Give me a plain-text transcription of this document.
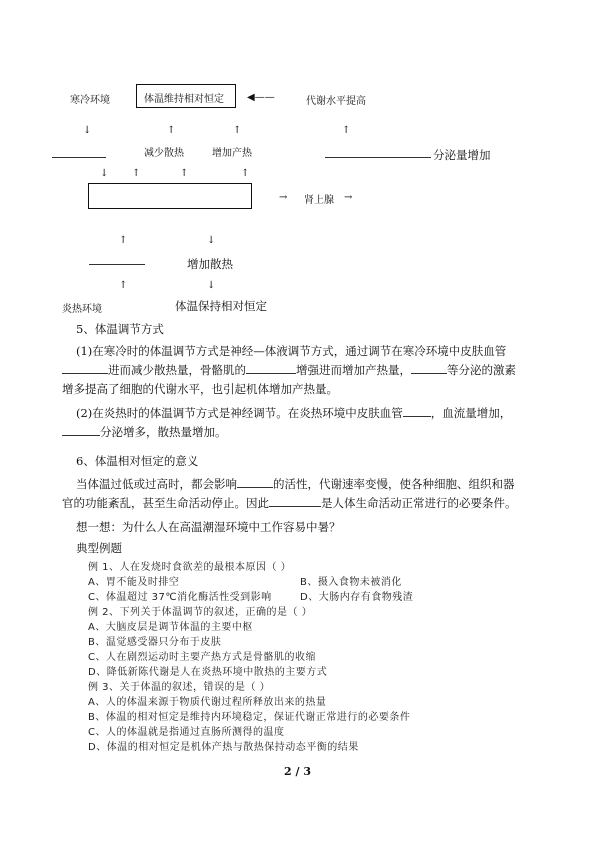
寒冷环境	体温维持相对恒定 ◀——	代谢水平提高
↓	↑	↑	↑
减少散热	增加产热	分泌量增加
↓ ↑	↑	↑
→ 肾上腺 →
↑	↓
增加散热
↑	↓
炎热环境	体温保持相对恒定
5、体温调节方式
(1)在寒冷时的体温调节方式是神经—体液调节方式，通过调节在寒冷环境中皮肤血管
进而减少散热量，骨骼肌的	增强进而增加产热量，	等分泌的激素
增多提高了细胞的代谢水平，也引起机体增加产热量。
(2)在炎热时的体温调节方式是神经调节。在炎热环境中皮肤血管 ，血流量增加，
分泌增多，散热量增加。
6、体温相对恒定的意义
当体温过低或过高时，都会影响	的活性，代谢速率变慢，使各种细胞、组织和器
官的功能紊乱，甚至生命活动停止。因此	是人体生命活动正常进行的必要条件。
想一想：为什么人在高温潮湿环境中工作容易中暑？
典型例题
例 1、人在发烧时食欲差的最根本原因（ ）
A、胃不能及时排空	B、摄入食物未被消化
C、体温超过 37℃消化酶活性受到影响	D、大肠内存有食物残渣
例 2、下列关于体温调节的叙述，正确的是（ ）
A、大脑皮层是调节体温的主要中枢
B、温觉感受器只分布于皮肤
C、人在剧烈运动时主要产热方式是骨骼肌的收缩
D、降低新陈代谢是人在炎热环境中散热的主要方式
例 3、关于体温的叙述，错误的是（ ）
A、人的体温来源于物质代谢过程所释放出来的热量
B、体温的相对恒定是维持内环境稳定，保证代谢正常进行的必要条件
C、人的体温就是指通过直肠所测得的温度
D、体温的相对恒定是机体产热与散热保持动态平衡的结果
2 / 3
